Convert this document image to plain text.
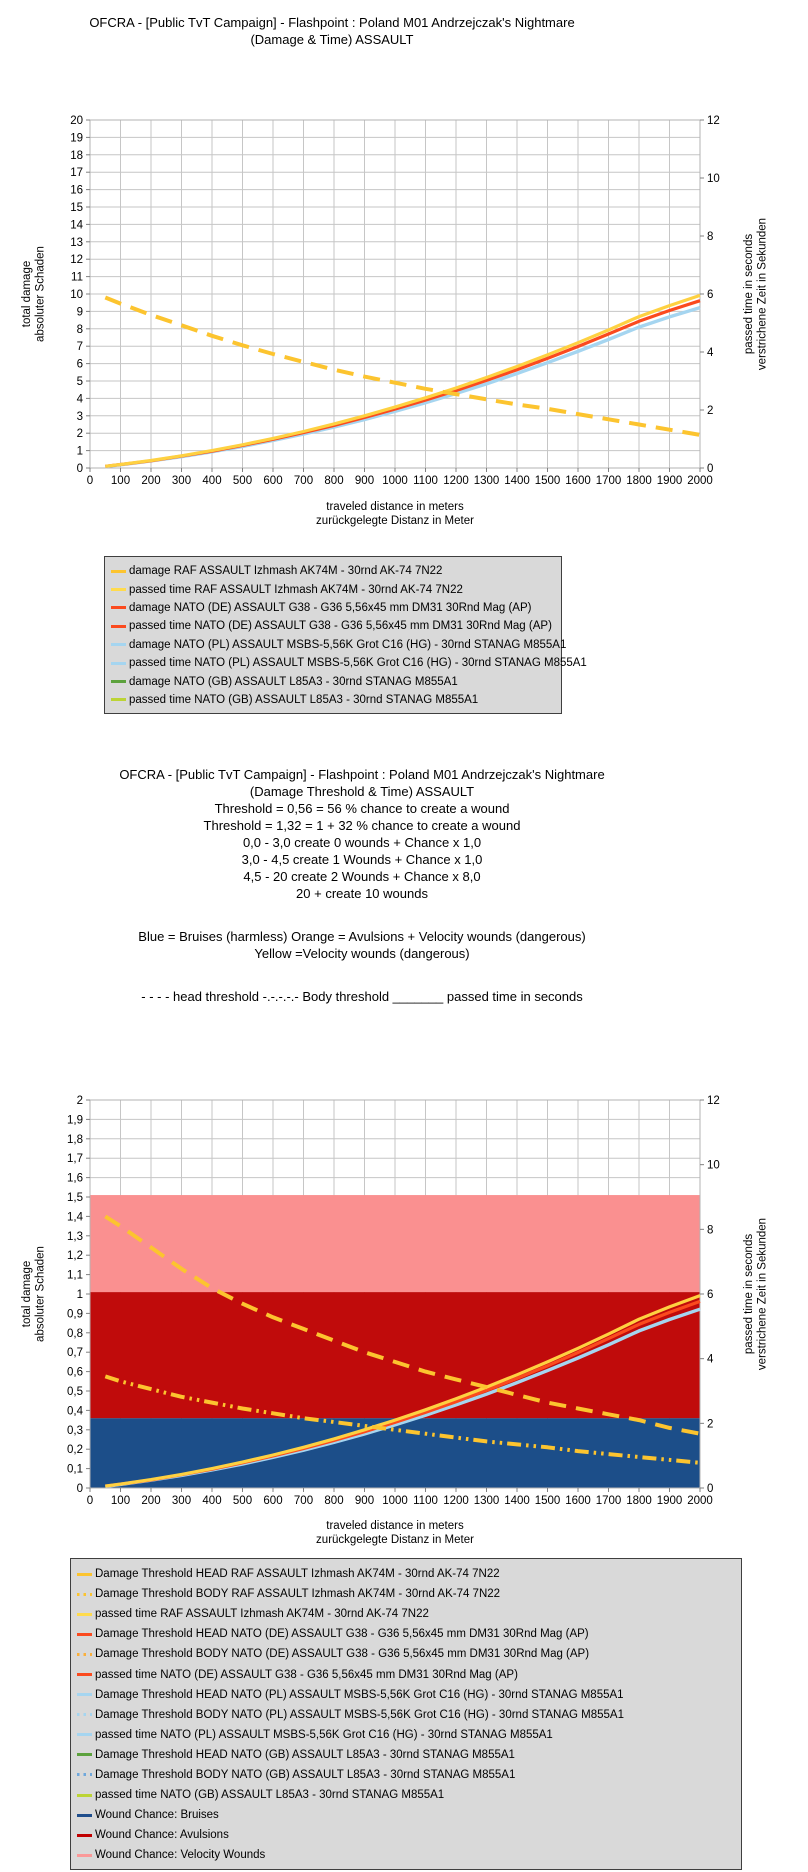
OFCRA - [Public TvT Campaign] - Flashpoint : Poland M01 Andrzejczak's Nightmare
(Damage & Time) ASSAULT
20
19
18
17
16
15
14
13
12
11
10
9
8
7
6
5
4
3
2
1
0
12
10
8
6
4
2
0
0 100 200 300 400 500 600 700 800 900 1000 1100 1200 1300 1400 1500 1600 1700 1800 1900 2000
traveled distance in meters
zurückgelegte Distanz in Meter
total damage absoluter Schaden	passed time in seconds verstrichene Zeit in Sekunden
damage RAF ASSAULT Izhmash AK74M - 30rnd AK-74 7N22
passed time RAF ASSAULT Izhmash AK74M - 30rnd AK-74 7N22
damage NATO (DE) ASSAULT G38 - G36 5,56x45 mm DM31 30Rnd Mag (AP)
passed time NATO (DE) ASSAULT G38 - G36 5,56x45 mm DM31 30Rnd Mag (AP)
damage NATO (PL) ASSAULT MSBS-5,56K Grot C16 (HG) - 30rnd STANAG M855A1
passed time NATO (PL) ASSAULT MSBS-5,56K Grot C16 (HG) - 30rnd STANAG M855A1
damage NATO (GB) ASSAULT L85A3 - 30rnd STANAG M855A1
passed time NATO (GB) ASSAULT L85A3 - 30rnd STANAG M855A1
OFCRA - [Public TvT Campaign] - Flashpoint : Poland M01 Andrzejczak's Nightmare
(Damage Threshold & Time) ASSAULT
Threshold = 0,56 = 56 % chance to create a wound
Threshold = 1,32 = 1 + 32 % chance to create a wound
0,0 - 3,0 create 0 wounds + Chance x 1,0
3,0 - 4,5 create 1 Wounds + Chance x 1,0
4,5 - 20 create 2 Wounds + Chance x 8,0
20 + create 10 wounds
Blue = Bruises (harmless) Orange = Avulsions + Velocity wounds (dangerous)
Yellow =Velocity wounds (dangerous)
- - - - head threshold -.-.-.-.- Body threshold _______ passed time in seconds
2
1,9
1,8
1,7
1,6
1,5
1,4
1,3
1,2
1,1
1
0,9
0,8
0,7
0,6
0,5
0,4
0,3
0,2
0,1
0
12
10
8
6
4
2
0
0 100 200 300 400 500 600 700 800 900 1000 1100 1200 1300 1400 1500 1600 1700 1800 1900 2000
traveled distance in meters
zurückgelegte Distanz in Meter
total damage absoluter Schaden	passed time in seconds verstrichene Zeit in Sekunden
Damage Threshold HEAD RAF ASSAULT Izhmash AK74M - 30rnd AK-74 7N22
Damage Threshold BODY RAF ASSAULT Izhmash AK74M - 30rnd AK-74 7N22
passed time RAF ASSAULT Izhmash AK74M - 30rnd AK-74 7N22
Damage Threshold HEAD NATO (DE) ASSAULT G38 - G36 5,56x45 mm DM31 30Rnd Mag (AP)
Damage Threshold BODY NATO (DE) ASSAULT G38 - G36 5,56x45 mm DM31 30Rnd Mag (AP)
passed time NATO (DE) ASSAULT G38 - G36 5,56x45 mm DM31 30Rnd Mag (AP)
Damage Threshold HEAD NATO (PL) ASSAULT MSBS-5,56K Grot C16 (HG) - 30rnd STANAG M855A1
Damage Threshold BODY NATO (PL) ASSAULT MSBS-5,56K Grot C16 (HG) - 30rnd STANAG M855A1
passed time NATO (PL) ASSAULT MSBS-5,56K Grot C16 (HG) - 30rnd STANAG M855A1
Damage Threshold HEAD NATO (GB) ASSAULT L85A3 - 30rnd STANAG M855A1
Damage Threshold BODY NATO (GB) ASSAULT L85A3 - 30rnd STANAG M855A1
passed time NATO (GB) ASSAULT L85A3 - 30rnd STANAG M855A1
Wound Chance: Bruises
Wound Chance: Avulsions
Wound Chance: Velocity Wounds
